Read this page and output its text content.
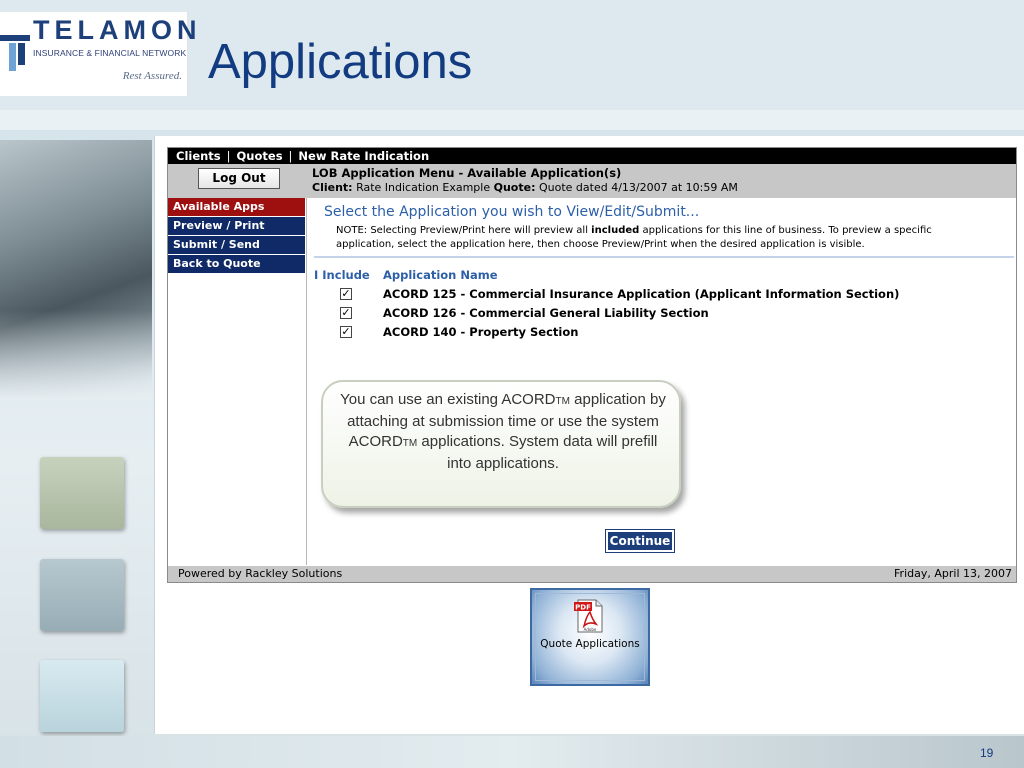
TELAMON
INSURANCE & FINANCIAL NETWORK
Rest Assured. Applications
Clients | Quotes | New Rate Indication
Log Out	LOB Application Menu - Available Application(s)
Client: Rate Indication Example Quote: Quote dated 4/13/2007 at 10:59 AM
Available Apps
Preview / Print
Submit / Send
Back to Quote
Select the Application you wish to View/Edit/Submit...
NOTE: Selecting Preview/Print here will preview all included applications for this line of business. To preview a specific application, select the application here, then choose Preview/Print when the desired application is visible.
I Include Application Name
✓	ACORD 125 - Commercial Insurance Application (Applicant Information Section)
✓	ACORD 126 - Commercial General Liability Section
✓	ACORD 140 - Property Section
You can use an existing ACORDTM application by attaching at submission time or use the system ACORDTM applications. System data will prefill into applications.
Continue
Powered by Rackley Solutions	Friday, April 13, 2007
PDF
Adobe
Quote Applications
19
